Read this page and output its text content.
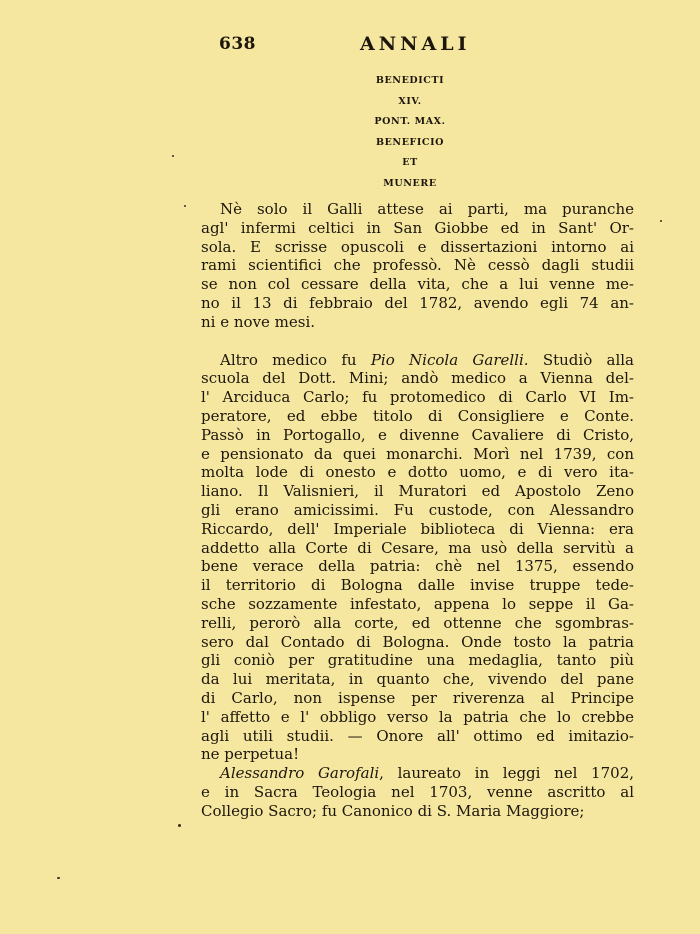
638	ANNALI
BENEDICTI
XIV.
PONT. MAX.
BENEFICIO
ET
MUNERE
Nè solo il Galli attese ai parti, ma puranche
agl' infermi celtici in San Giobbe ed in Sant' Or-
sola. E scrisse opuscoli e dissertazioni intorno ai
rami scientifici che professò. Nè cessò dagli studii
se non col cessare della vita, che a lui venne me-
no il 13 di febbraio del 1782, avendo egli 74 an-
ni e nove mesi.
Altro medico fu Pio Nicola Garelli. Studiò alla
scuola del Dott. Mini; andò medico a Vienna del-
l' Arciduca Carlo; fu protomedico di Carlo VI Im-
peratore, ed ebbe titolo di Consigliere e Conte.
Passò in Portogallo, e divenne Cavaliere di Cristo,
e pensionato da quei monarchi. Morì nel 1739, con
molta lode di onesto e dotto uomo, e di vero ita-
liano. Il Valisnieri, il Muratori ed Apostolo Zeno
gli erano amicissimi. Fu custode, con Alessandro
Riccardo, dell' Imperiale biblioteca di Vienna: era
addetto alla Corte di Cesare, ma usò della servitù a
bene verace della patria: chè nel 1375, essendo
il territorio di Bologna dalle invise truppe tede-
sche sozzamente infestato, appena lo seppe il Ga-
relli, perorò alla corte, ed ottenne che sgombras-
sero dal Contado di Bologna. Onde tosto la patria
gli coniò per gratitudine una medaglia, tanto più
da lui meritata, in quanto che, vivendo del pane
di Carlo, non ispense per riverenza al Principe
l' affetto e l' obbligo verso la patria che lo crebbe
agli utili studii. — Onore all' ottimo ed imitazio-
ne perpetua!
Alessandro Garofali, laureato in leggi nel 1702,
e in Sacra Teologia nel 1703, venne ascritto al
Collegio Sacro; fu Canonico di S. Maria Maggiore;
